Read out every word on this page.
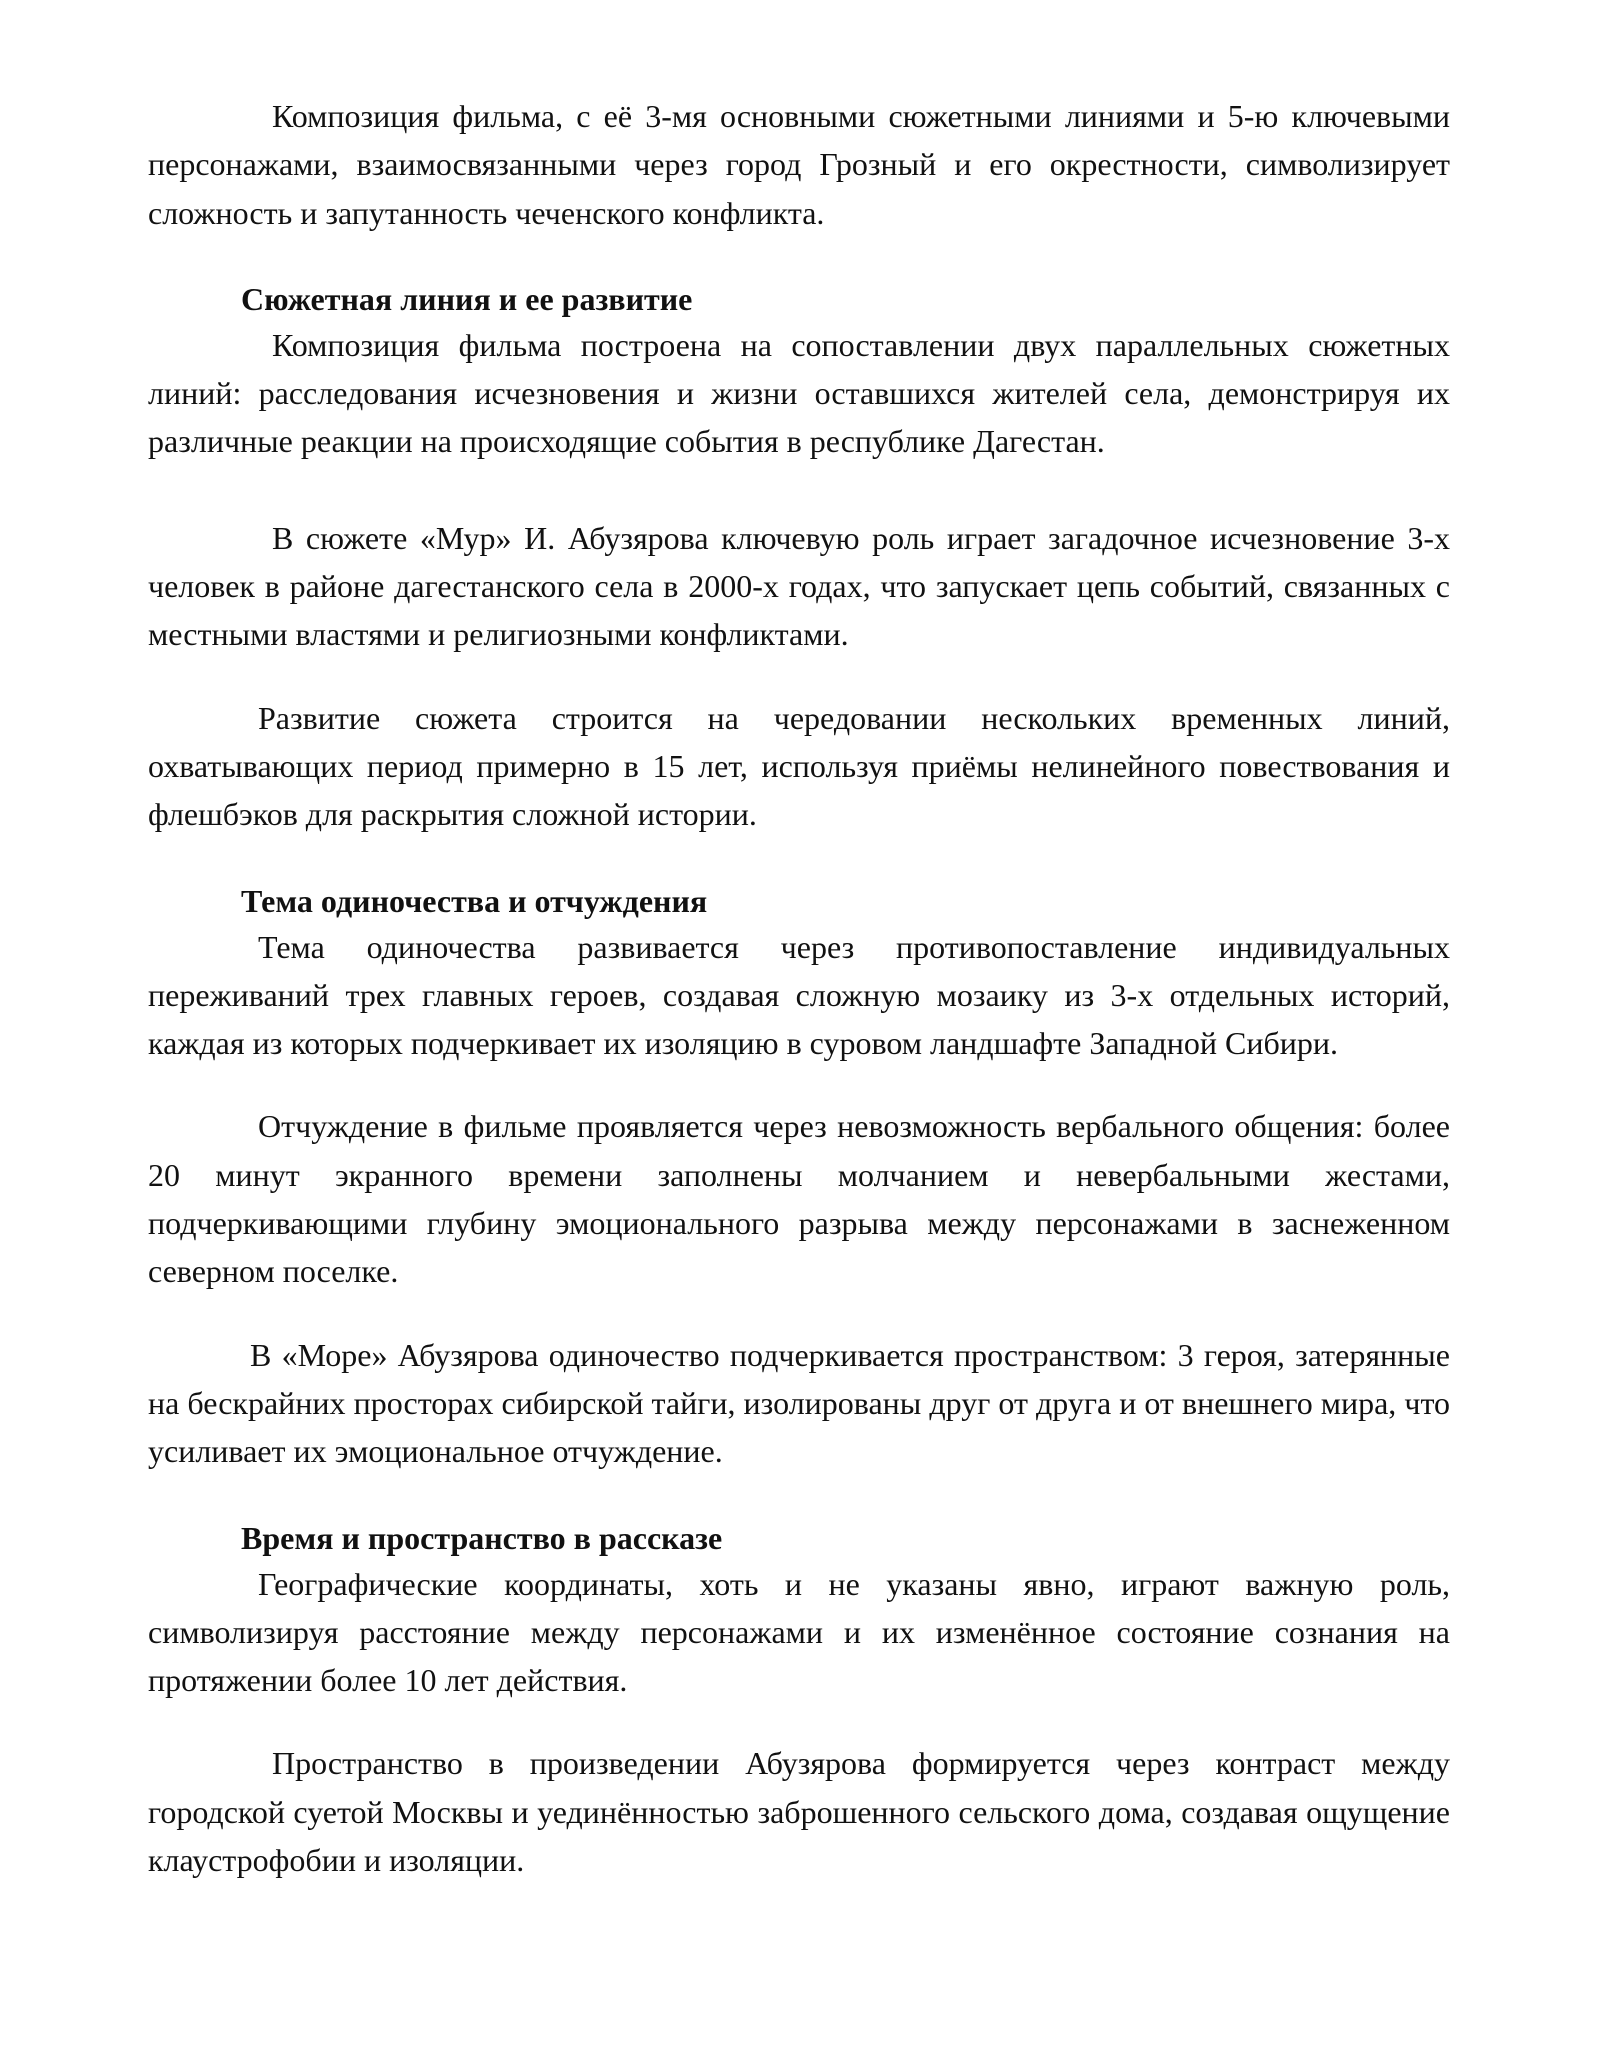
Композиция фильма, с её 3-мя основными сюжетными линиями и 5-ю ключевыми персонажами, взаимосвязанными через город Грозный и его окрестности, символизирует сложность и запутанность чеченского конфликта.

Сюжетная линия и ее развитие

Композиция фильма построена на сопоставлении двух параллельных сюжетных линий: расследования исчезновения и жизни оставшихся жителей села, демонстрируя их различные реакции на происходящие события в республике Дагестан.

В сюжете «Мур» И. Абузярова ключевую роль играет загадочное исчезновение 3-х человек в районе дагестанского села в 2000-х годах, что запускает цепь событий, связанных с местными властями и религиозными конфликтами.

Развитие сюжета строится на чередовании нескольких временных линий, охватывающих период примерно в 15 лет, используя приёмы нелинейного повествования и флешбэков для раскрытия сложной истории.

Тема одиночества и отчуждения

Тема одиночества развивается через противопоставление индивидуальных переживаний трех главных героев, создавая сложную мозаику из 3-х отдельных историй, каждая из которых подчеркивает их изоляцию в суровом ландшафте Западной Сибири.

Отчуждение в фильме проявляется через невозможность вербального общения: более 20 минут экранного времени заполнены молчанием и невербальными жестами, подчеркивающими глубину эмоционального разрыва между персонажами в заснеженном северном поселке.

В «Море» Абузярова одиночество подчеркивается пространством: 3 героя, затерянные на бескрайних просторах сибирской тайги, изолированы друг от друга и от внешнего мира, что усиливает их эмоциональное отчуждение.

Время и пространство в рассказе

Географические координаты, хоть и не указаны явно, играют важную роль, символизируя расстояние между персонажами и их изменённое состояние сознания на протяжении более 10 лет действия.

Пространство в произведении Абузярова формируется через контраст между городской суетой Москвы и уединённостью заброшенного сельского дома, создавая ощущение клаустрофобии и изоляции.
